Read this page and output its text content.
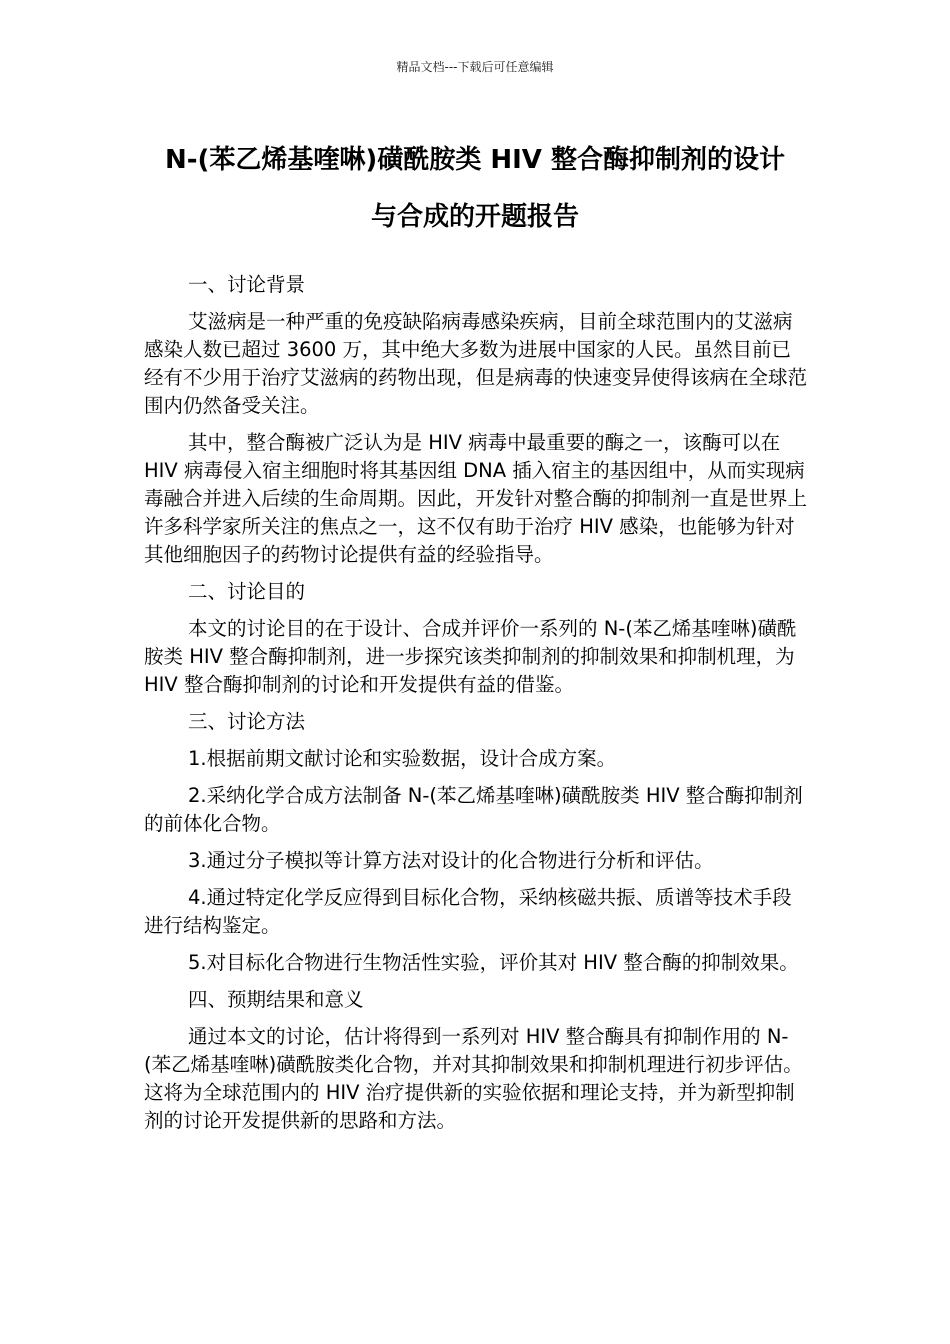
精品文档---下载后可任意编辑
N-(苯乙烯基喹啉)磺酰胺类 HIV 整合酶抑制剂的设计
与合成的开题报告

一、讨论背景

艾滋病是一种严重的免疫缺陷病毒感染疾病，目前全球范围内的艾滋病感染人数已超过 3600 万，其中绝大多数为进展中国家的人民。虽然目前已经有不少用于治疗艾滋病的药物出现，但是病毒的快速变异使得该病在全球范围内仍然备受关注。

其中，整合酶被广泛认为是 HIV 病毒中最重要的酶之一，该酶可以在 HIV 病毒侵入宿主细胞时将其基因组 DNA 插入宿主的基因组中，从而实现病毒融合并进入后续的生命周期。因此，开发针对整合酶的抑制剂一直是世界上许多科学家所关注的焦点之一，这不仅有助于治疗 HIV 感染，也能够为针对其他细胞因子的药物讨论提供有益的经验指导。

二、讨论目的

本文的讨论目的在于设计、合成并评价一系列的 N-(苯乙烯基喹啉)磺酰胺类 HIV 整合酶抑制剂，进一步探究该类抑制剂的抑制效果和抑制机理，为 HIV 整合酶抑制剂的讨论和开发提供有益的借鉴。

三、讨论方法

1.根据前期文献讨论和实验数据，设计合成方案。

2.采纳化学合成方法制备 N-(苯乙烯基喹啉)磺酰胺类 HIV 整合酶抑制剂的前体化合物。

3.通过分子模拟等计算方法对设计的化合物进行分析和评估。

4.通过特定化学反应得到目标化合物，采纳核磁共振、质谱等技术手段进行结构鉴定。

5.对目标化合物进行生物活性实验，评价其对 HIV 整合酶的抑制效果。

四、预期结果和意义

通过本文的讨论，估计将得到一系列对 HIV 整合酶具有抑制作用的 N-(苯乙烯基喹啉)磺酰胺类化合物，并对其抑制效果和抑制机理进行初步评估。这将为全球范围内的 HIV 治疗提供新的实验依据和理论支持，并为新型抑制剂的讨论开发提供新的思路和方法。
